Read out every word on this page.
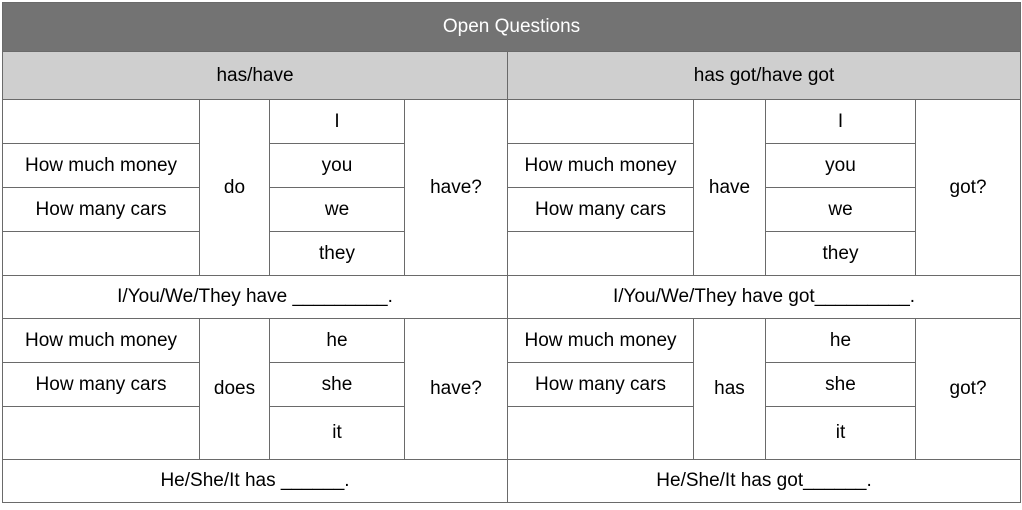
Open Questions							
has/have				has got/have got			
	do	I	have?		have	I	got?
How much money		you		How much money		you	
How many cars		we		How many cars		we	
		they				they	
I/You/We/They have _________.				I/You/We/They have got_________.			
How much money	does	he	have?	How much money	has	he	got?
How many cars		she		How many cars		she	
		it				it	
He/She/It has ______.				He/She/It has got______.			
